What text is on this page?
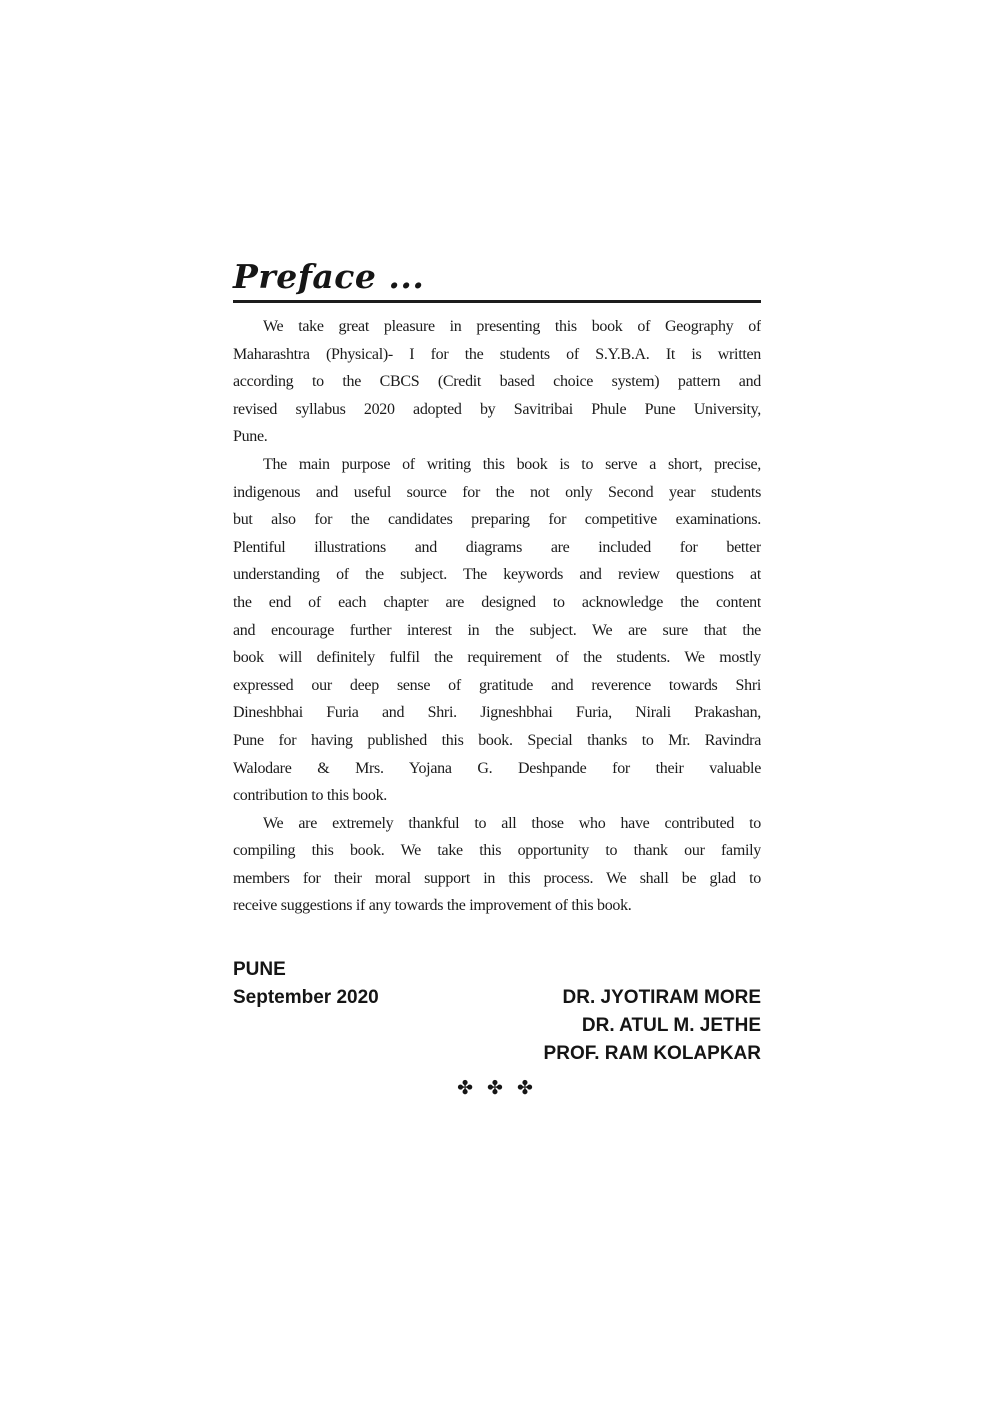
Preface ...
We take great pleasure in presenting this book of Geography of
Maharashtra (Physical)- I for the students of S.Y.B.A. It is written
according to the CBCS (Credit based choice system) pattern and
revised syllabus 2020 adopted by Savitribai Phule Pune University,
Pune.
The main purpose of writing this book is to serve a short, precise,
indigenous and useful source for the not only Second year students
but also for the candidates preparing for competitive examinations.
Plentiful illustrations and diagrams are included for better
understanding of the subject. The keywords and review questions at
the end of each chapter are designed to acknowledge the content
and encourage further interest in the subject. We are sure that the
book will definitely fulfil the requirement of the students. We mostly
expressed our deep sense of gratitude and reverence towards Shri
Dineshbhai Furia and Shri. Jigneshbhai Furia, Nirali Prakashan,
Pune for having published this book. Special thanks to Mr. Ravindra
Walodare & Mrs. Yojana G. Deshpande for their valuable
contribution to this book.
We are extremely thankful to all those who have contributed to
compiling this book. We take this opportunity to thank our family
members for their moral support in this process. We shall be glad to
receive suggestions if any towards the improvement of this book.
PUNE
September 2020	DR. JYOTIRAM MORE
DR. ATUL M. JETHE
PROF. RAM KOLAPKAR
✤ ✤ ✤
